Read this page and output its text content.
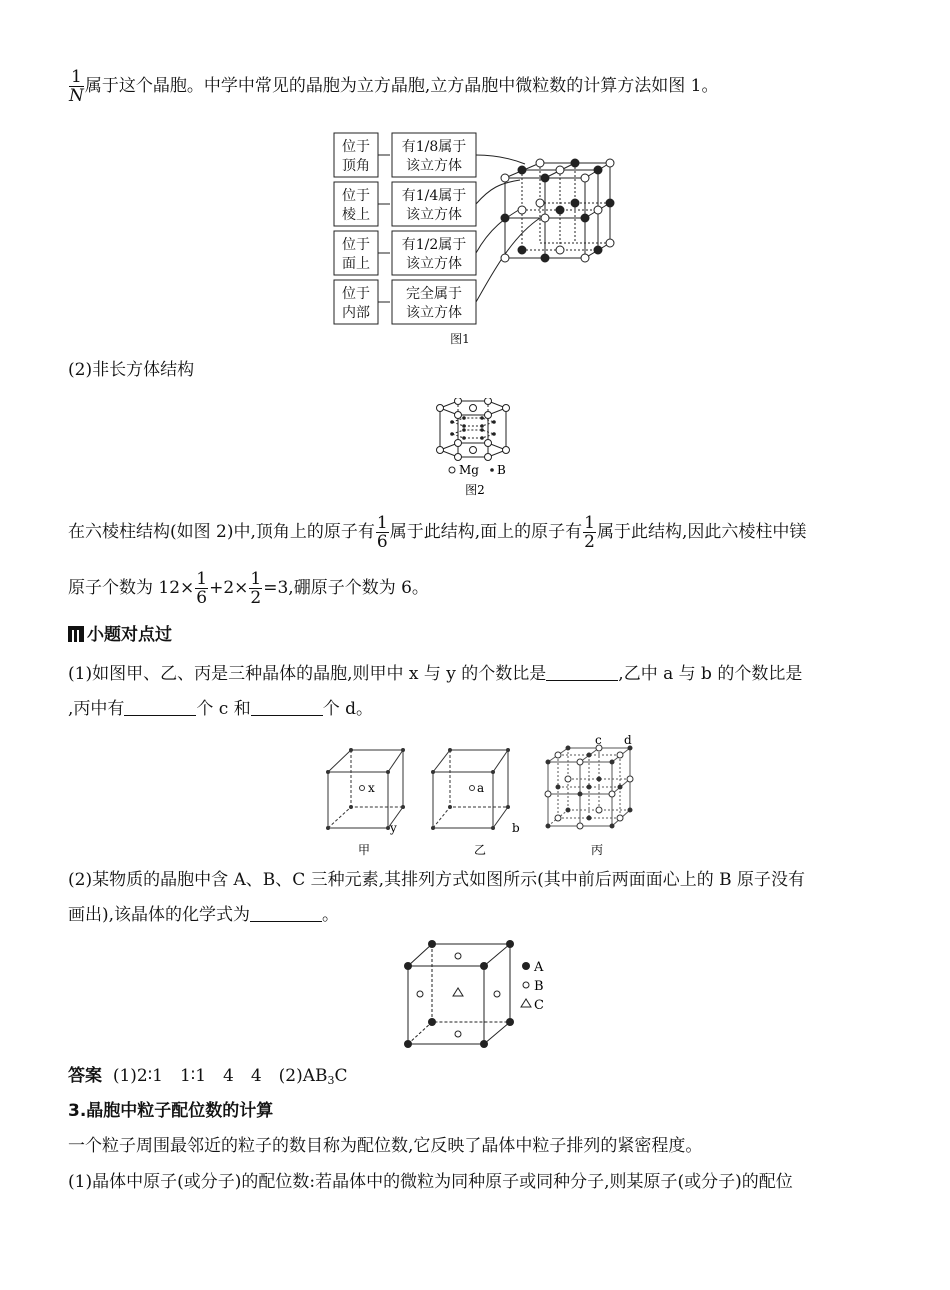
$\frac{1}{N}$ 属于这个晶胞。中学中常见的晶胞为立方晶胞,立方晶胞中微粒数的计算方法如图 1。
位于
顶角
位于
棱上
位于
面上
位于
内部
有1/8属于
该立方体
有1/4属于
该立方体
有1/2属于
该立方体
完全属于
该立方体
图1
(2)非长方体结构
Mg B
图2
在六棱柱结构(如图 2)中,顶角上的原子有 $\frac{1}{6}$ 属于此结构,面上的原子有 $\frac{1}{2}$ 属于此结构,因此六棱柱中镁
原子个数为 $12\times \frac{1}{6} +2\times \frac{1}{2} =3$,硼原子个数为 6。
小题对点过
(1)如图甲、乙、丙是三种晶体的晶胞,则甲中 x 与 y 的个数比是	,乙中 a 与 b 的个数比是
,丙中有	个 c 和	个 d。
x
y
甲
a
b
乙
c d
丙
(2)某物质的晶胞中含 A、B、C 三种元素,其排列方式如图所示(其中前后两面面心上的 B 原子没有
画出),该晶体的化学式为	。
A
B
C
答案 (1)2∶1　1∶1　4　4　$(2)AB_3C$
3.晶胞中粒子配位数的计算
一个粒子周围最邻近的粒子的数目称为配位数,它反映了晶体中粒子排列的紧密程度。
(1)晶体中原子(或分子)的配位数:若晶体中的微粒为同种原子或同种分子,则某原子(或分子)的配位
